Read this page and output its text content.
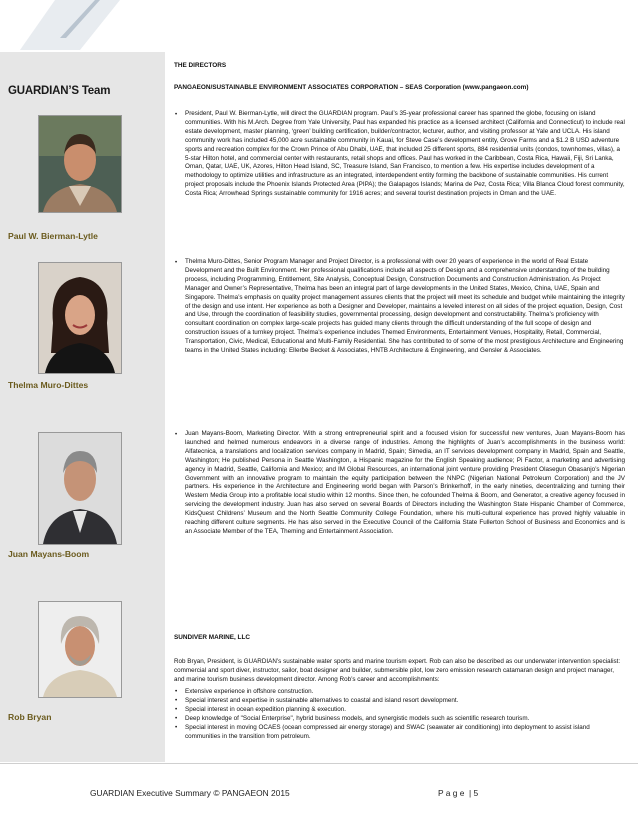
GUARDIAN’S Team
Paul W. Bierman-Lytle
Thelma Muro-Dittes
Juan Mayans-Boom
Rob Bryan
THE DIRECTORS
PANGAEON/SUSTAINABLE ENVIRONMENT ASSOCIATES CORPORATION – SEAS Corporation (www.pangaeon.com)
• President, Paul W. Bierman-Lytle, will direct the GUARDIAN program. Paul’s 35-year professional career has spanned the globe, focusing on island communities. With his M.Arch. Degree from Yale University, Paul has expanded his practice as a licensed architect (California and Connecticut) to include real estate development, master planning, ‘green’ building certification, builder/contractor, lecturer, author, and visiting professor at Yale and UCLA. His island community work has included 45,000 acre sustainable community in Kauai, for Steve Case’s development entity, Grove Farms and a $1.2 B USD adventure sports and recreation complex for the Crown Prince of Abu Dhabi, UAE, that included 25 different sports, 884 residential units (condos, townhomes, villas), a 5-star Hilton hotel, and commercial center with restaurants, retail shops and offices. Paul has worked in the Caribbean, Costa Rica, Hawaii, Fiji, Sri Lanka, Oman, Qatar, UAE, UK, Azores, Hilton Head Island, SC, Treasure Island, San Francisco, to mention a few. His expertise includes development of a methodology to optimize utilities and infrastructure as an integrated, interdependent entity forming the backbone of sustainable communities. His current project proposals include the Phoenix Islands Protected Area (PIPA); the Galapagos Islands; Marina de Pez, Costa Rica; Villa Blanca Cloud forest community, Costa Rica; Arrowhead Springs sustainable community for 1916 acres; and several tourist destination projects in Oman and the UAE.
• Thelma Muro-Dittes, Senior Program Manager and Project Director, is a professional with over 20 years of experience in the world of Real Estate Development and the Built Environment. Her professional qualifications include all aspects of Design and a comprehensive understanding of the building process, including Programming, Entitlement, Site Analysis, Conceptual Design, Construction Documents and Construction Administration. As Project Manager and Owner’s Representative, Thelma has been an integral part of large developments in the United States, Mexico, China, UAE, Spain and Singapore. Thelma’s emphasis on quality project management assures clients that the project will meet its schedule and budget while maintaining the integrity of the design and use intent. Her experience as both a Designer and Developer, maintains a leveled interest on all sides of the project equation, Design, Cost and Use, through the coordination of feasibility studies, governmental processing, design development and constructability. Thelma’s proficiency with consultant coordination on complex large-scale projects has guided many clients through the difficult understanding of the full scope of design and construction issues of a turnkey project. Thelma’s experience includes Themed Environments, Entertainment Venues, Hospitality, Retail, Commercial, Transportation, Civic, Medical, Educational and Multi-Family Residential. She has contributed to of some of the most prestigious Architecture and Engineering teams in the United States including: Ellerbe Becket & Associates, HNTB Architecture & Engineering, and Gensler & Associates.
• Juan Mayans-Boom, Marketing Director. With a strong entrepreneurial spirit and a focused vision for successful new ventures, Juan Mayans-Boom has launched and helmed numerous endeavors in a diverse range of industries. Among the highlights of Juan’s accomplishments in the business world: Alfatecnica, a translations and localization services company in Madrid, Spain; Simedia, an IT services development company in Madrid, Spain and Seattle, Washington; He published Persona in Seattle Washington, a Hispanic magazine for the English Speaking audience; Pi Factor, a marketing and advertising agency in Madrid, Seattle, California and Mexico; and IM Global Resources, an international joint venture providing President Olasegun Obasanjo’s Nigerian Government with an innovative program to maintain the equity participation between the NNPC (Nigerian National Petroleum Corporation) and the JV partners. His experience in the Architecture and Engineering world began with Parson’s Brinkerhoff, in the early nineties, decentralizing and turning their Western Media Group into a profitable local studio within 12 months. Since then, he cofounded Thelma & Boom, and Generator, a creative agency focused in servicing the development industry. Juan has also served on several Boards of Directors including the Washington State Hispanic Chamber of Commerce, KidsQuest Childrens’ Museum and the North Seattle Community College Foundation, where his multi-cultural experience has proved highly valuable in reaching different culture segments. He has also served in the Executive Council of the California State Fullerton School of Business and Economics and is an Associate Member of the TEA, Theming and Entertainment Association.
SUNDIVER MARINE, LLC
Rob Bryan, President, is GUARDIAN’s sustainable water sports and marine tourism expert. Rob can also be described as our underwater intervention specialist: commercial and sport diver, instructor, sailor, boat designer and builder, submersible pilot, low zero emission research catamaran design and project manager, and marine tourism business development director. Among Rob’s career and accomplishments:
• Extensive experience in offshore construction.
• Special interest and expertise in sustainable alternatives to coastal and island resort development.
• Special interest in ocean expedition planning & execution.
• Deep knowledge of "Social Enterprise", hybrid business models, and synergistic models such as scientific research tourism.
• Special interest in moving OCAES (ocean compressed air energy storage) and SWAC (seawater air conditioning) into deployment to assist island communities in the transition from petroleum.
GUARDIAN Executive Summary © PANGAEON 2015	P a g e  | 5
